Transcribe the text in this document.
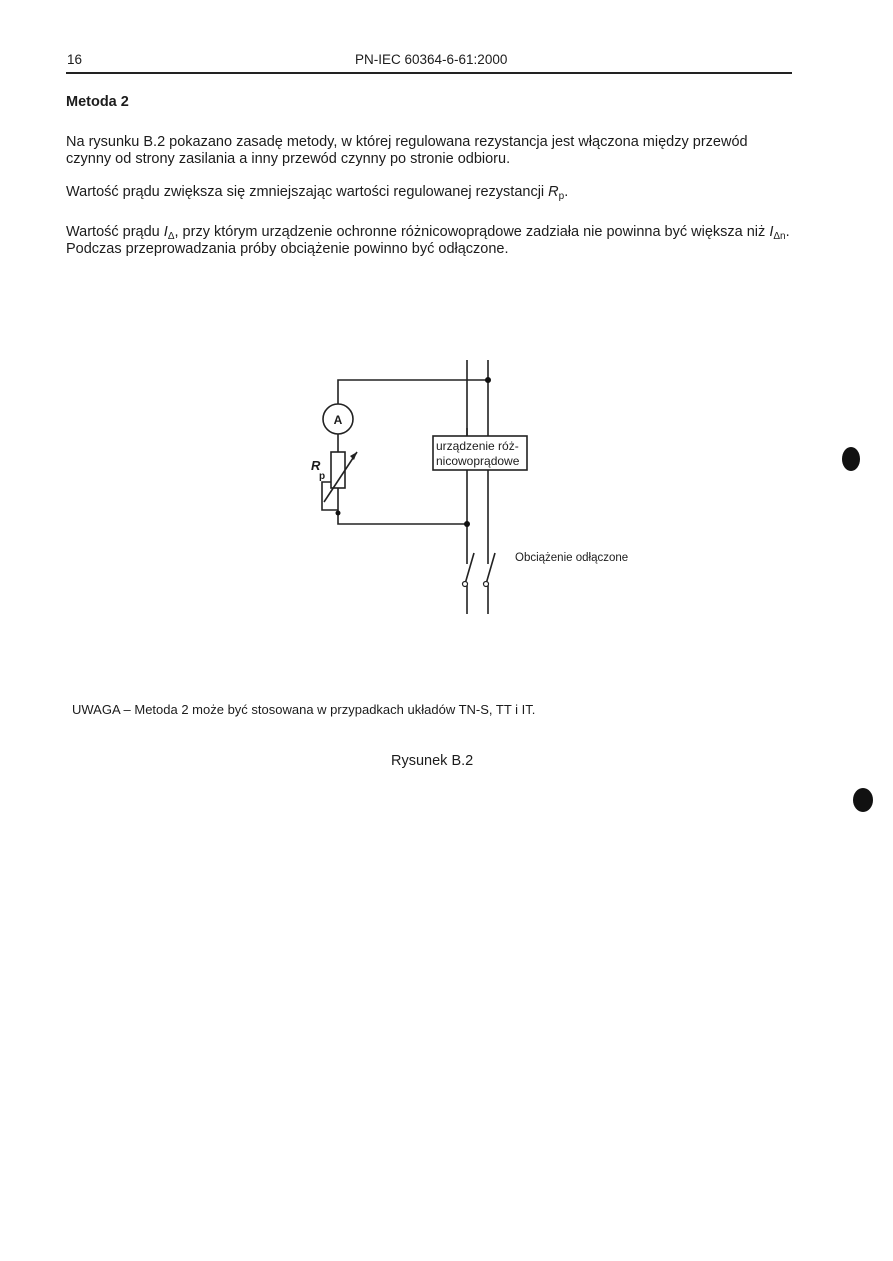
16	PN-IEC 60364-6-61:2000
Metoda 2
Na rysunku B.2 pokazano zasadę metody, w której regulowana rezystancja jest włączona między przewód czynny od strony zasilania a inny przewód czynny po stronie odbioru.
Wartość prądu zwiększa się zmniejszając wartości regulowanej rezystancji $R_p$.
Wartość prądu $I_\Delta$, przy którym urządzenie ochronne różnicowoprądowe zadziała nie powinna być większa niż $I_{\Delta n}$. Podczas przeprowadzania próby obciążenie powinno być odłączone.
A
R
p
urządzenie róż-
nicowoprądowe
Obciążenie odłączone
UWAGA – Metoda 2 może być stosowana w przypadkach układów TN-S, TT i IT.
Rysunek B.2
